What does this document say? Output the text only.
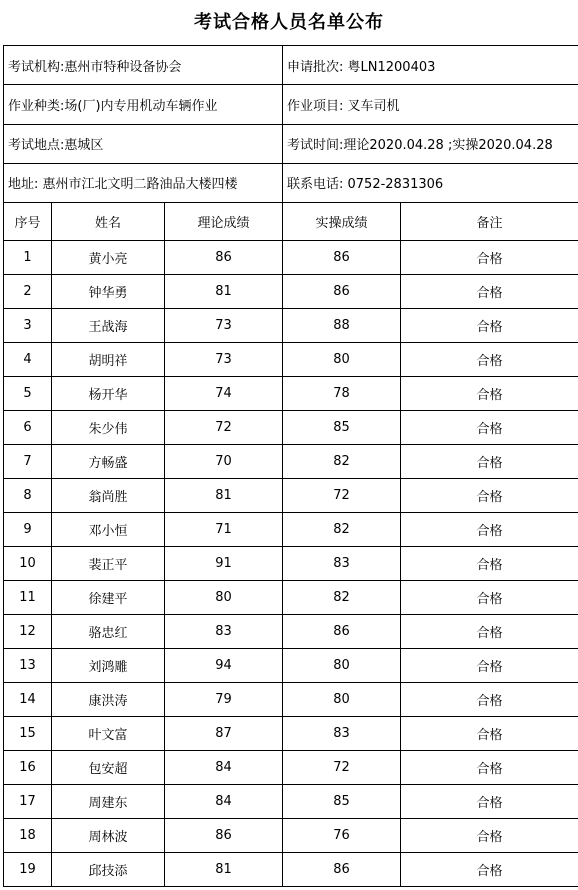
考试合格人员名单公布
考试机构:惠州市特种设备协会			申请批次: 粤LN1200403	
作业种类:场(厂)内专用机动车辆作业			作业项目: 叉车司机	
考试地点:惠城区			考试时间:理论2020.04.28 ;实操2020.04.28	
地址: 惠州市江北文明二路油品大楼四楼			联系电话: 0752-2831306	
序号	姓名	理论成绩	实操成绩	备注
1	黄小亮	86	86	合格
2	钟华勇	81	86	合格
3	王战海	73	88	合格
4	胡明祥	73	80	合格
5	杨开华	74	78	合格
6	朱少伟	72	85	合格
7	方畅盛	70	82	合格
8	翁尚胜	81	72	合格
9	邓小恒	71	82	合格
10	裴正平	91	83	合格
11	徐建平	80	82	合格
12	骆忠红	83	86	合格
13	刘鸿雕	94	80	合格
14	康洪涛	79	80	合格
15	叶文富	87	83	合格
16	包安超	84	72	合格
17	周建东	84	85	合格
18	周林波	86	76	合格
19	邱技添	81	86	合格
